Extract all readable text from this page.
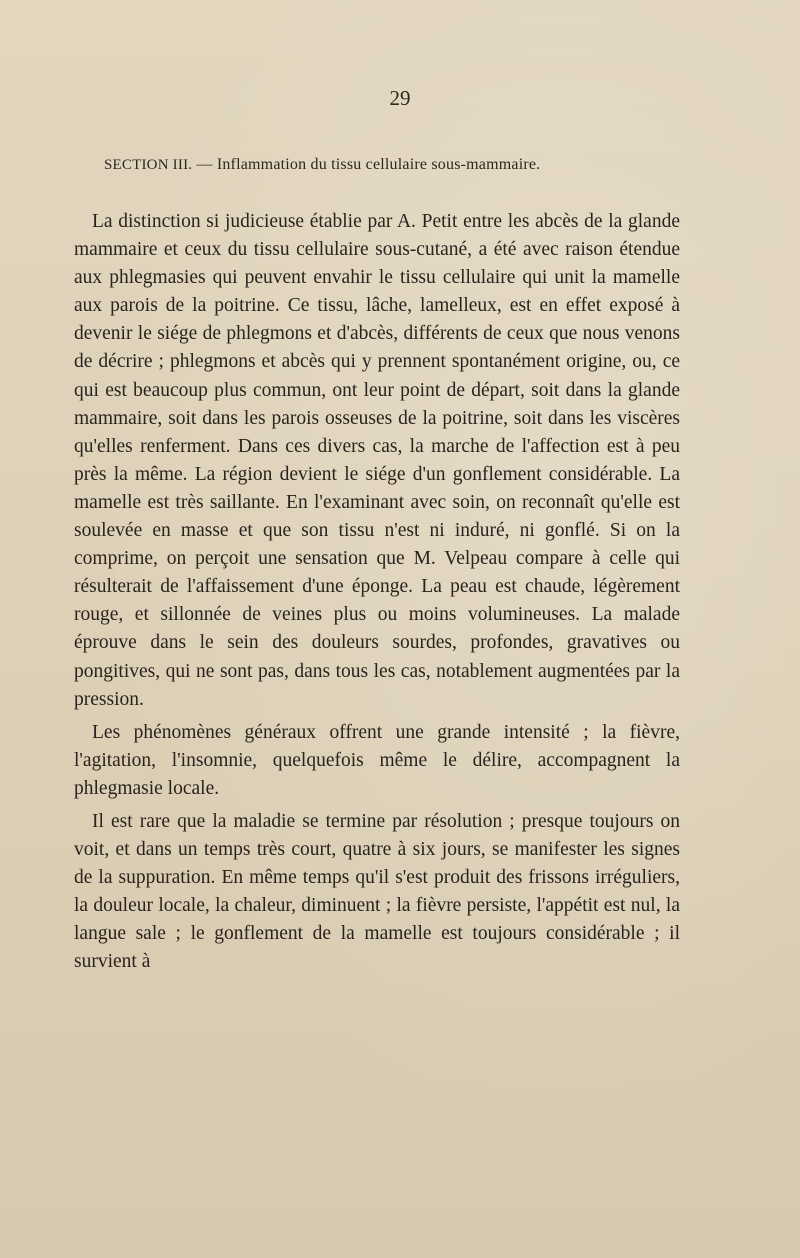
29
SECTION III. — Inflammation du tissu cellulaire sous-mammaire.

La distinction si judicieuse établie par A. Petit entre les abcès de la glande mammaire et ceux du tissu cellulaire sous-cutané, a été avec raison étendue aux phlegmasies qui peuvent envahir le tissu cellulaire qui unit la mamelle aux parois de la poitrine. Ce tissu, lâche, lamelleux, est en effet exposé à devenir le siége de phlegmons et d'abcès, différents de ceux que nous venons de décrire ; phlegmons et abcès qui y prennent spontanément origine, ou, ce qui est beaucoup plus commun, ont leur point de départ, soit dans la glande mammaire, soit dans les parois osseuses de la poitrine, soit dans les viscères qu'elles renferment. Dans ces divers cas, la marche de l'affection est à peu près la même. La région devient le siége d'un gonflement considérable. La mamelle est très saillante. En l'examinant avec soin, on reconnaît qu'elle est soulevée en masse et que son tissu n'est ni induré, ni gonflé. Si on la comprime, on perçoit une sensation que M. Velpeau compare à celle qui résulterait de l'affaissement d'une éponge. La peau est chaude, légèrement rouge, et sillonnée de veines plus ou moins volumineuses. La malade éprouve dans le sein des douleurs sourdes, profondes, gravatives ou pongitives, qui ne sont pas, dans tous les cas, notablement augmentées par la pression.

Les phénomènes généraux offrent une grande intensité ; la fièvre, l'agitation, l'insomnie, quelquefois même le délire, accompagnent la phlegmasie locale.

Il est rare que la maladie se termine par résolution ; presque toujours on voit, et dans un temps très court, quatre à six jours, se manifester les signes de la suppuration. En même temps qu'il s'est produit des frissons irréguliers, la douleur locale, la chaleur, diminuent ; la fièvre persiste, l'appétit est nul, la langue sale ; le gonflement de la mamelle est toujours considérable ; il survient à
